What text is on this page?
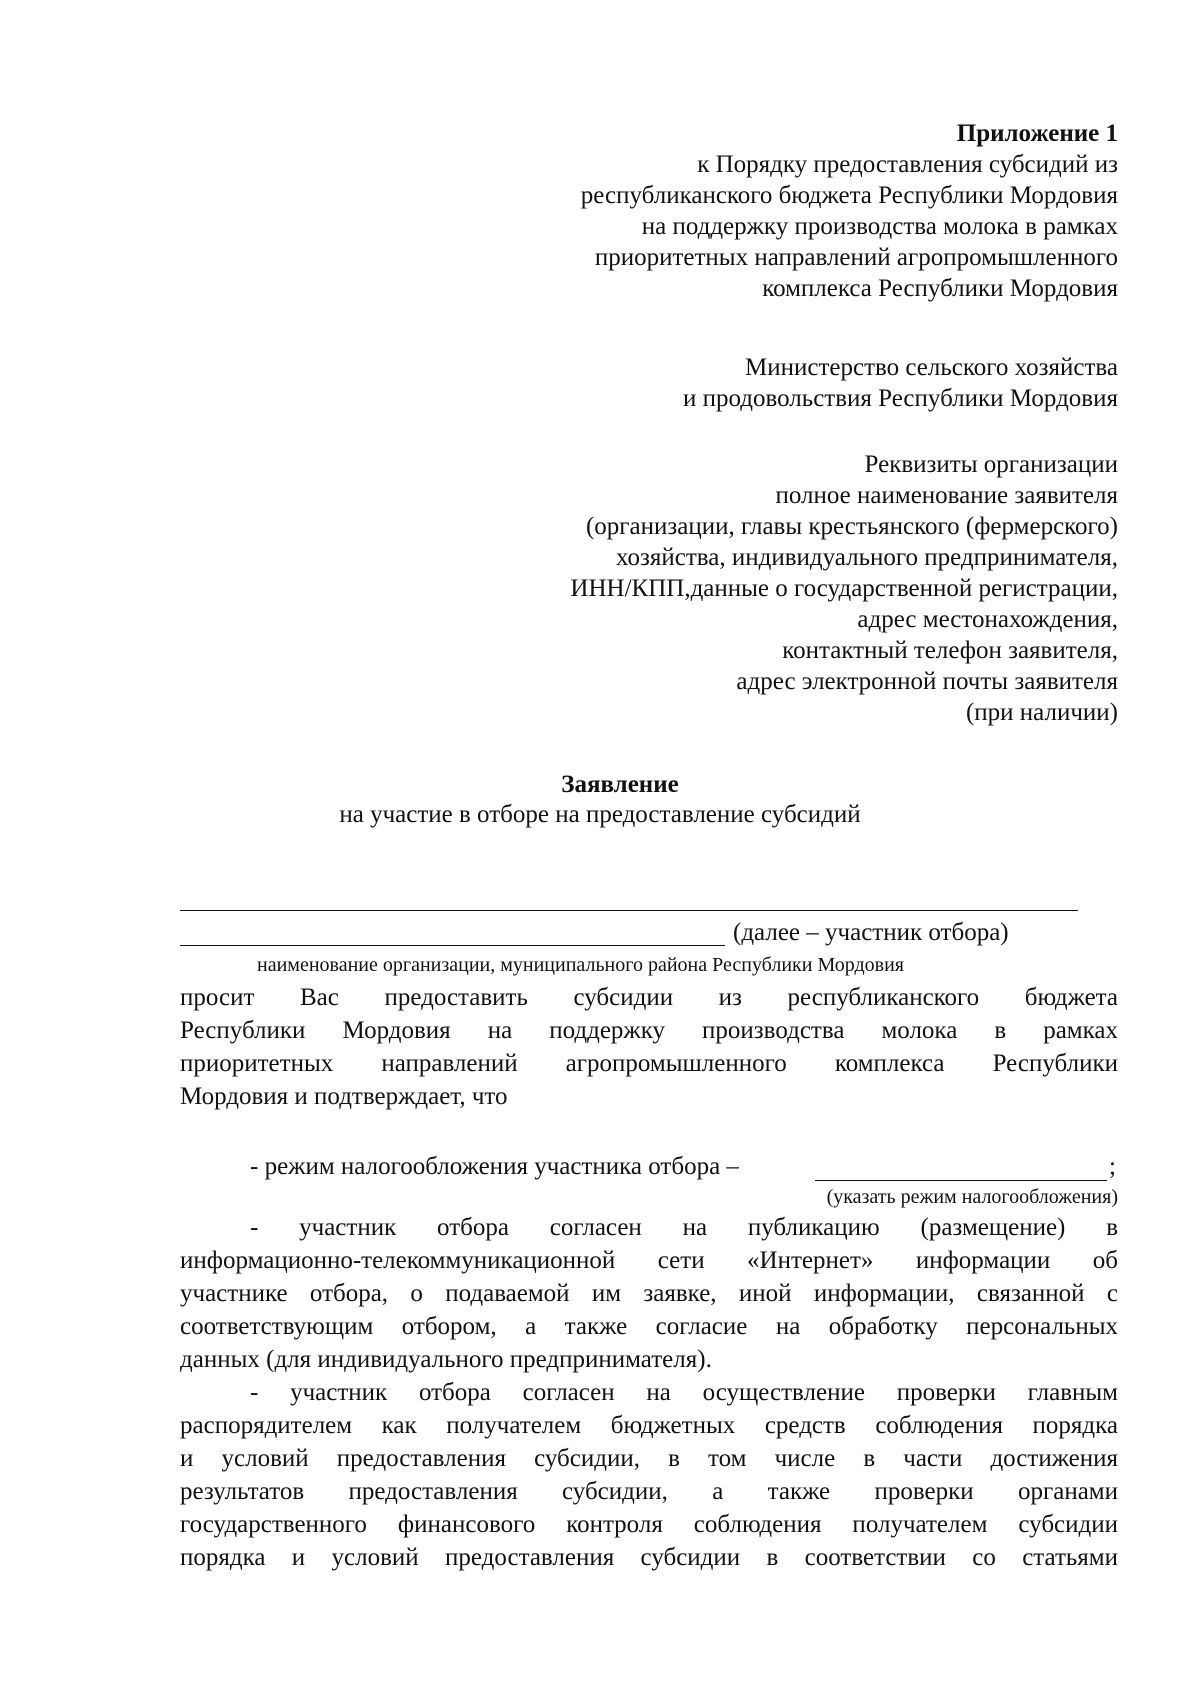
Приложение 1
к Порядку предоставления субсидий из
республиканского бюджета Республики Мордовия
на поддержку производства молока в рамках
приоритетных направлений агропромышленного
комплекса Республики Мордовия
Министерство сельского хозяйства
и продовольствия Республики Мордовия
Реквизиты организации
полное наименование заявителя
(организации, главы крестьянского (фермерского)
хозяйства, индивидуального предпринимателя,
ИНН/КПП,данные о государственной регистрации,
адрес местонахождения,
контактный телефон заявителя,
адрес электронной почты заявителя
(при наличии)
Заявление
на участие в отборе на предоставление субсидий
(далее – участник отбора)
наименование организации, муниципального района Республики Мордовия
просит Вас предоставить субсидии из республиканского бюджета
Республики Мордовия на поддержку производства молока в рамках
приоритетных направлений агропромышленного комплекса Республики
Мордовия и подтверждает, что
- режим налогообложения участника отбора –	;
(указать режим налогообложения)
- участник отбора согласен на публикацию (размещение) в
информационно-телекоммуникационной сети «Интернет» информации об
участнике отбора, о подаваемой им заявке, иной информации, связанной с
соответствующим отбором, а также согласие на обработку персональных
данных (для индивидуального предпринимателя).
- участник отбора согласен на осуществление проверки главным
распорядителем как получателем бюджетных средств соблюдения порядка
и условий предоставления субсидии, в том числе в части достижения
результатов предоставления субсидии, а также проверки органами
государственного финансового контроля соблюдения получателем субсидии
порядка и условий предоставления субсидии в соответствии со статьями
